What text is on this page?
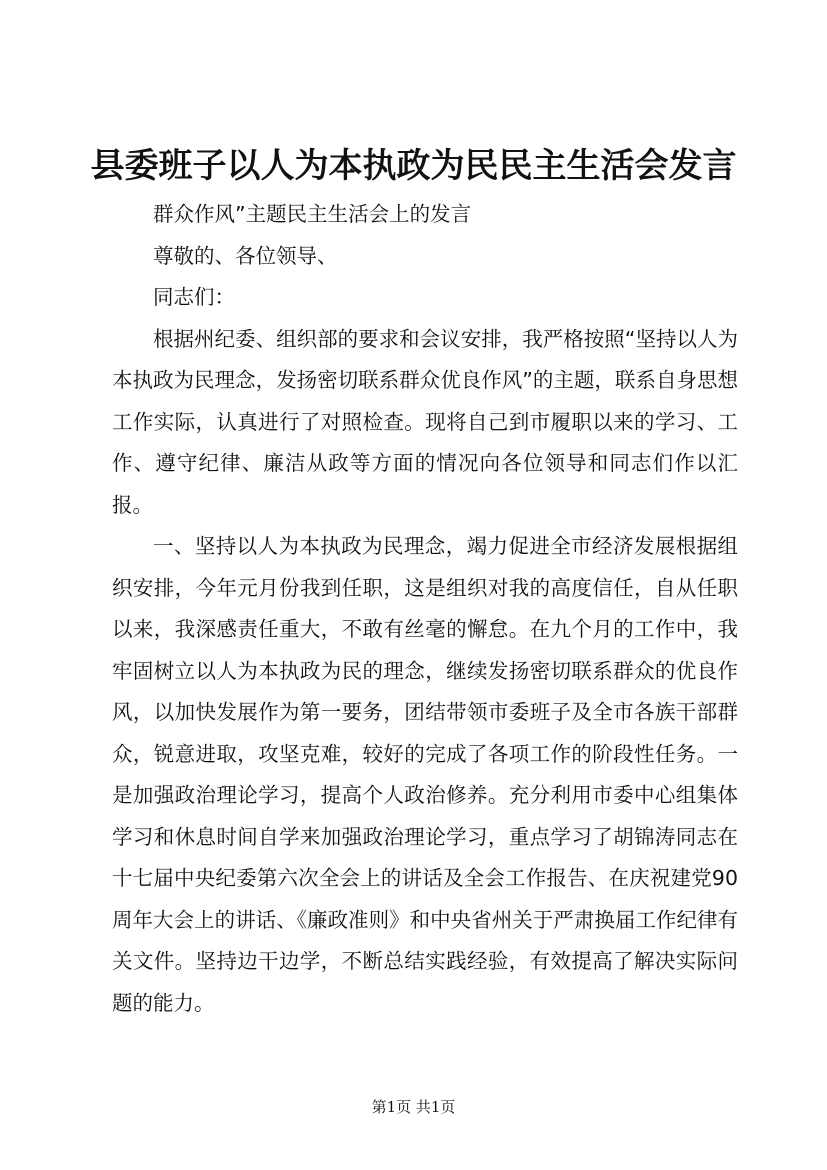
县委班子以人为本执政为民民主生活会发言

群众作风”主题民主生活会上的发言

尊敬的、各位领导、

同志们：

根据州纪委、组织部的要求和会议安排，我严格按照“坚持以人为本执政为民理念，发扬密切联系群众优良作风”的主题，联系自身思想工作实际，认真进行了对照检查。现将自己到市履职以来的学习、工作、遵守纪律、廉洁从政等方面的情况向各位领导和同志们作以汇报。

一、坚持以人为本执政为民理念，竭力促进全市经济发展根据组织安排，今年元月份我到任职，这是组织对我的高度信任，自从任职以来，我深感责任重大，不敢有丝毫的懈怠。在九个月的工作中，我牢固树立以人为本执政为民的理念，继续发扬密切联系群众的优良作风，以加快发展作为第一要务，团结带领市委班子及全市各族干部群众，锐意进取，攻坚克难，较好的完成了各项工作的阶段性任务。一是加强政治理论学习，提高个人政治修养。充分利用市委中心组集体学习和休息时间自学来加强政治理论学习，重点学习了胡锦涛同志在十七届中央纪委第六次全会上的讲话及全会工作报告、在庆祝建党90周年大会上的讲话、《廉政准则》和中央省州关于严肃换届工作纪律有关文件。坚持边干边学，不断总结实践经验，有效提高了解决实际问题的能力。

第1页 共1页
